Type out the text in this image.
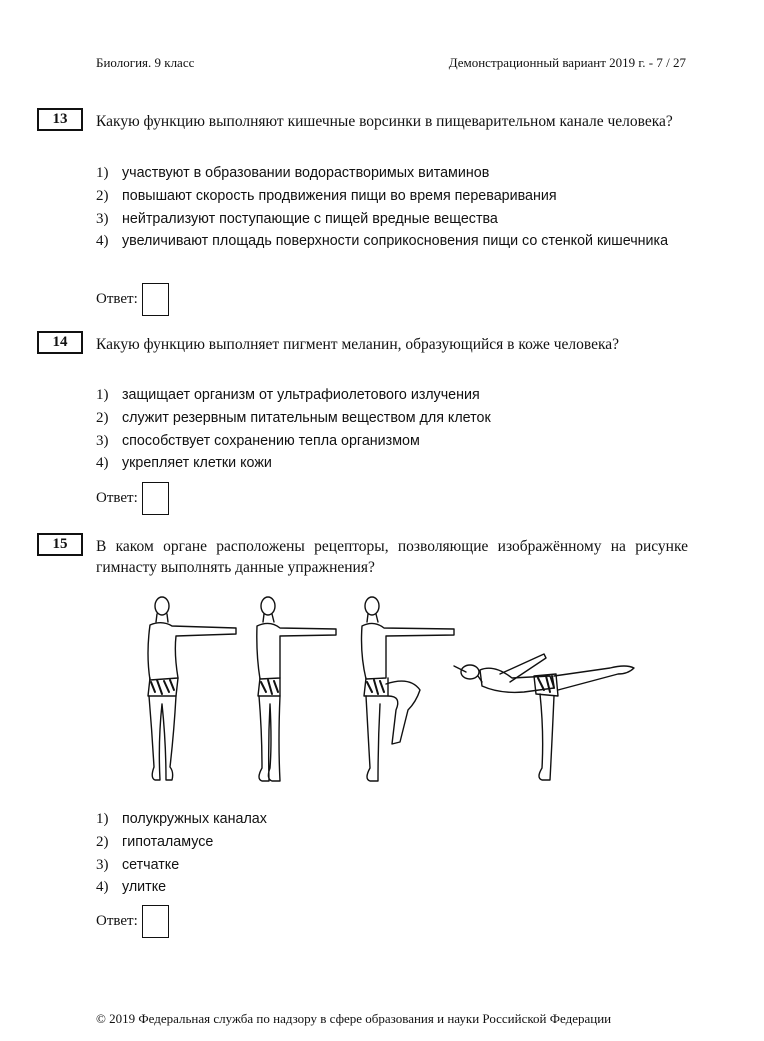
Биология. 9 класс	Демонстрационный вариант 2019 г. - 7 / 27
13	Какую функцию выполняют кишечные ворсинки в пищеварительном канале человека?
1) участвуют в образовании водорастворимых витаминов
2) повышают скорость продвижения пищи во время переваривания
3) нейтрализуют поступающие с пищей вредные вещества
4) увеличивают площадь поверхности соприкосновения пищи со стенкой кишечника
Ответ:
14	Какую функцию выполняет пигмент меланин, образующийся в коже человека?
1) защищает организм от ультрафиолетового излучения
2) служит резервным питательным веществом для клеток
3) способствует сохранению тепла организмом
4) укрепляет клетки кожи
Ответ:
15	В каком органе расположены рецепторы, позволяющие изображённому на рисунке гимнасту выполнять данные упражнения?
1) полукружных каналах
2) гипоталамусе
3) сетчатке
4) улитке
Ответ:
© 2019 Федеральная служба по надзору в сфере образования и науки Российской Федерации
